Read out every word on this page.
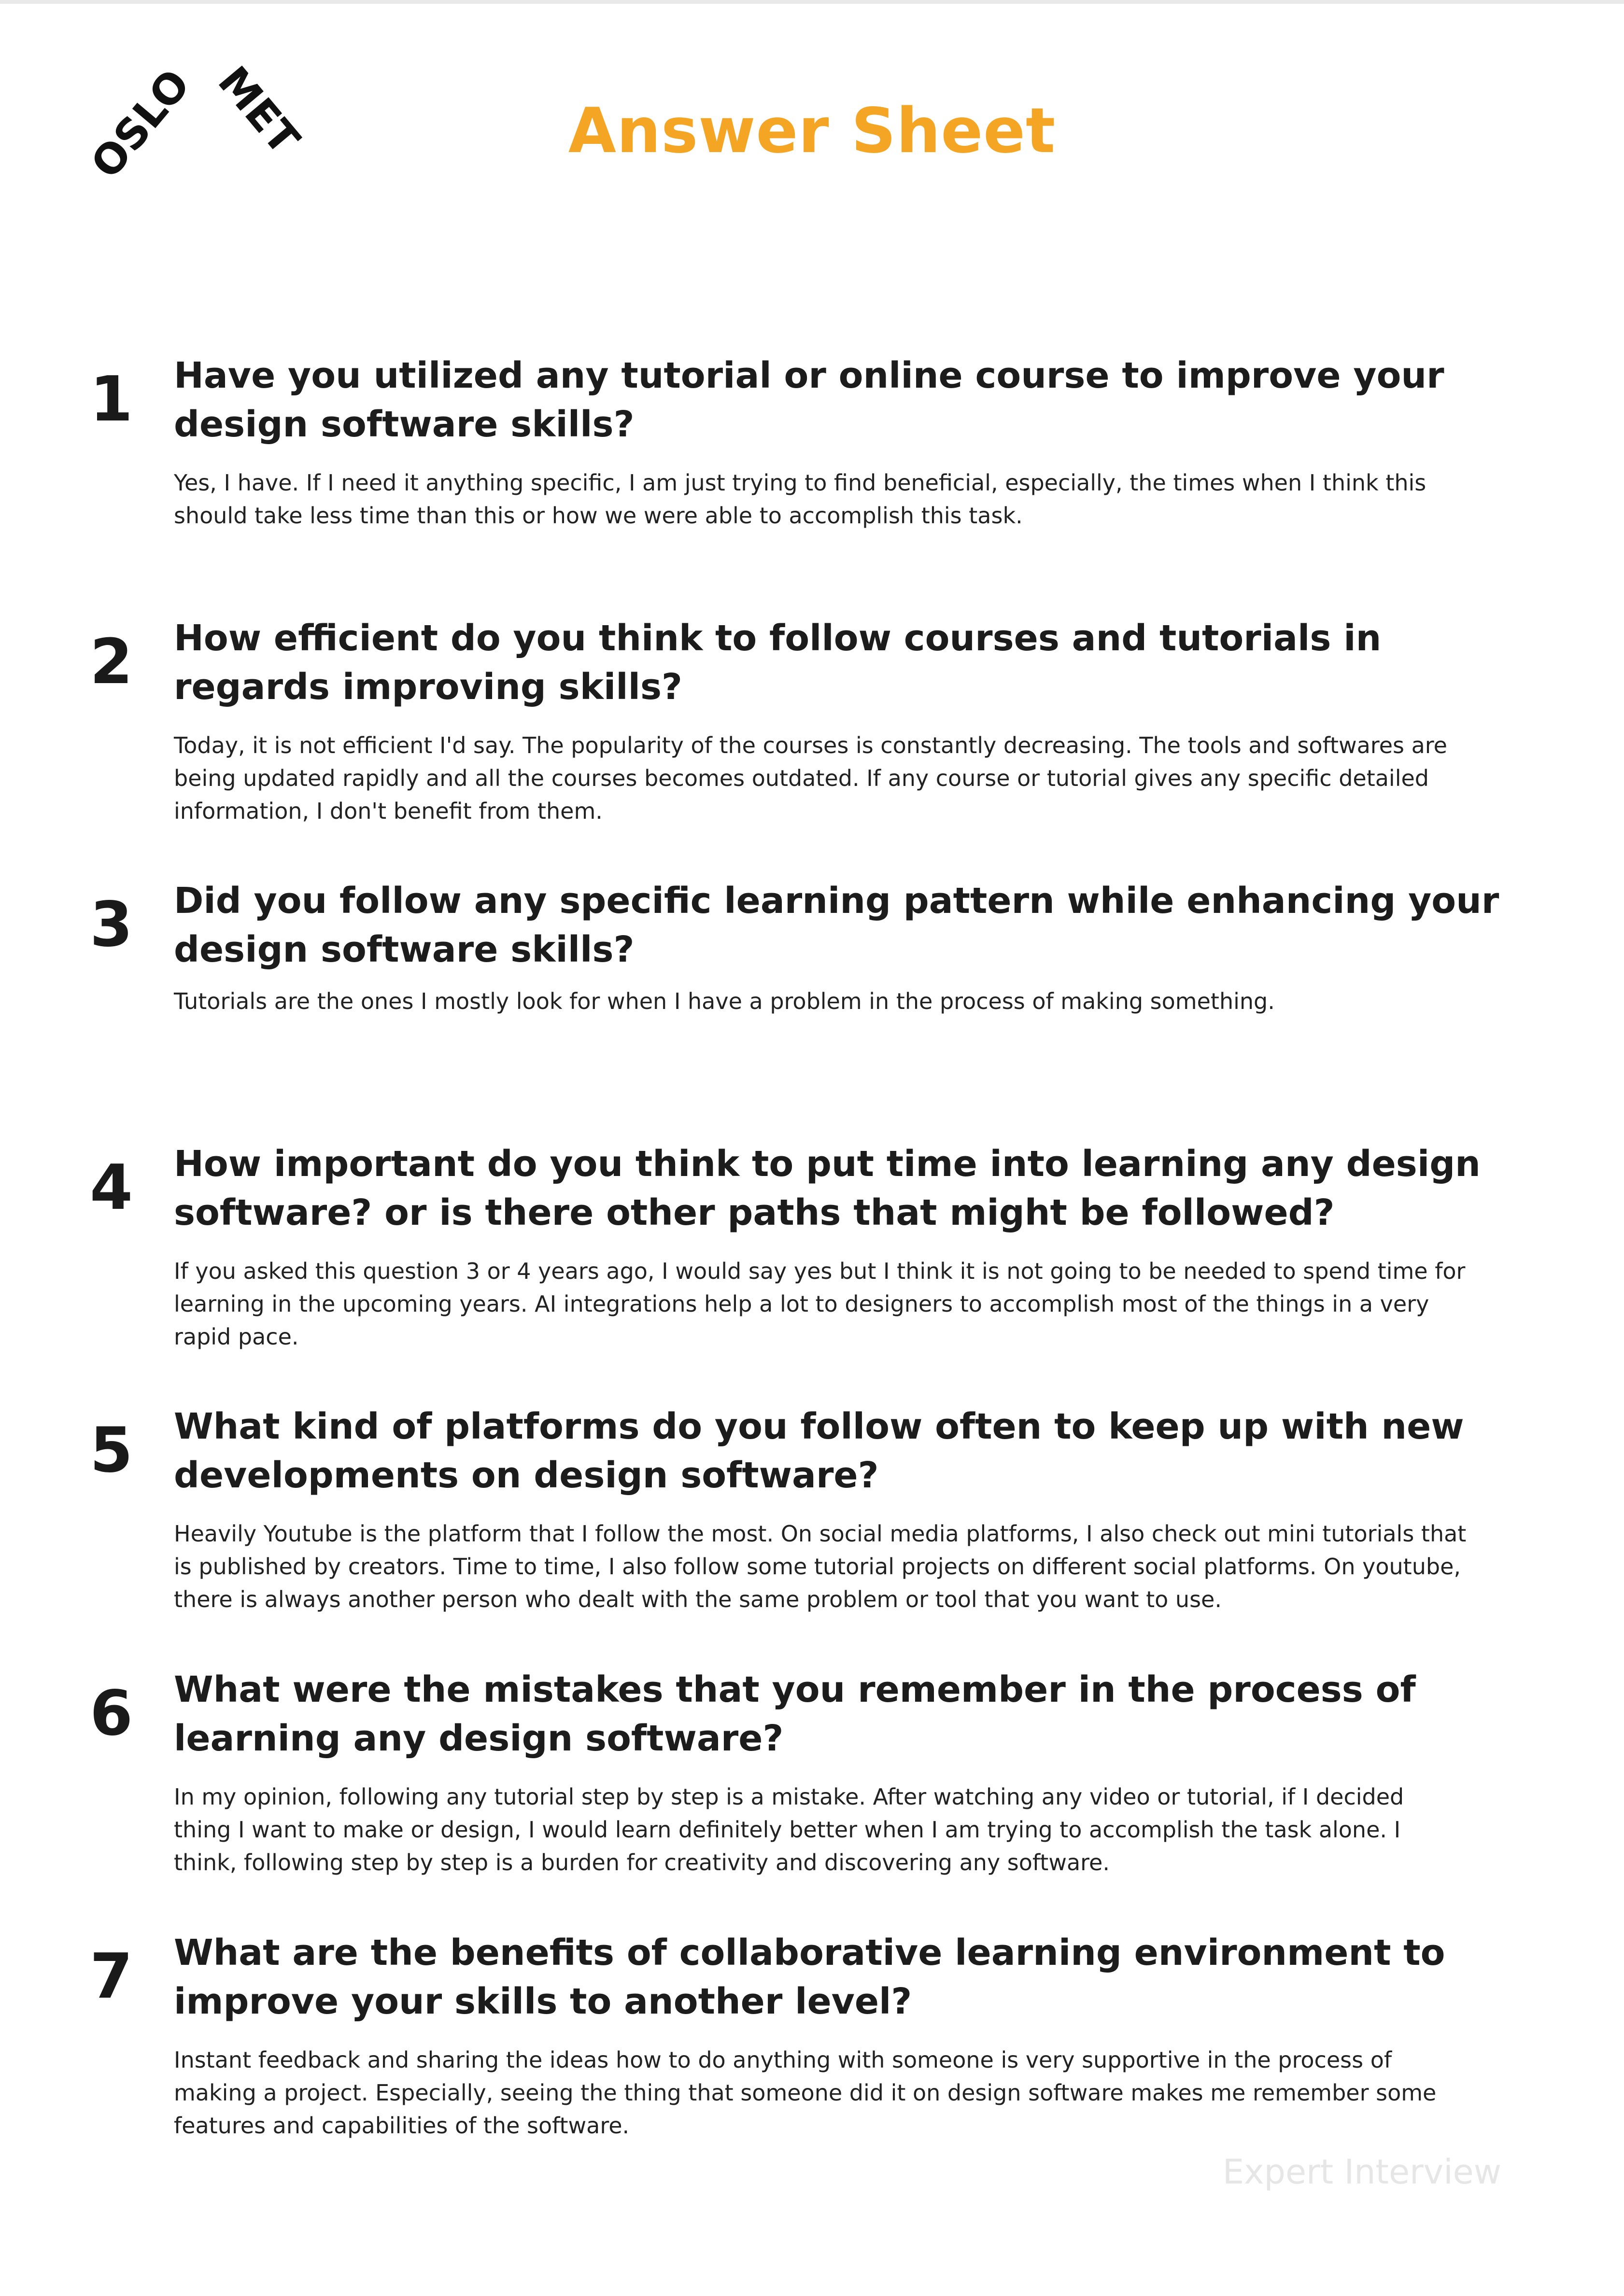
OSLO MET	Answer Sheet
1 Have you utilized any tutorial or online course to improve your design software skills?

Yes, I have. If I need it anything specific, I am just trying to find beneficial, especially, the times when I think this should take less time than this or how we were able to accomplish this task.

2 How efficient do you think to follow courses and tutorials in regards improving skills?

Today, it is not efficient I'd say. The popularity of the courses is constantly decreasing. The tools and softwares are being updated rapidly and all the courses becomes outdated. If any course or tutorial gives any specific detailed information, I don't benefit from them.

3 Did you follow any specific learning pattern while enhancing your design software skills?

Tutorials are the ones I mostly look for when I have a problem in the process of making something.

4 How important do you think to put time into learning any design software? or is there other paths that might be followed?

If you asked this question 3 or 4 years ago, I would say yes but I think it is not going to be needed to spend time for learning in the upcoming years. AI integrations help a lot to designers to accomplish most of the things in a very rapid pace.

5 What kind of platforms do you follow often to keep up with new developments on design software?

Heavily Youtube is the platform that I follow the most. On social media platforms, I also check out mini tutorials that is published by creators. Time to time, I also follow some tutorial projects on different social platforms. On youtube, there is always another person who dealt with the same problem or tool that you want to use.

6 What were the mistakes that you remember in the process of learning any design software?

In my opinion, following any tutorial step by step is a mistake. After watching any video or tutorial, if I decided thing I want to make or design, I would learn definitely better when I am trying to accomplish the task alone. I think, following step by step is a burden for creativity and discovering any software.

7 What are the benefits of collaborative learning environment to improve your skills to another level?

Instant feedback and sharing the ideas how to do anything with someone is very supportive in the process of making a project. Especially, seeing the thing that someone did it on design software makes me remember some features and capabilities of the software.

Expert Interview
